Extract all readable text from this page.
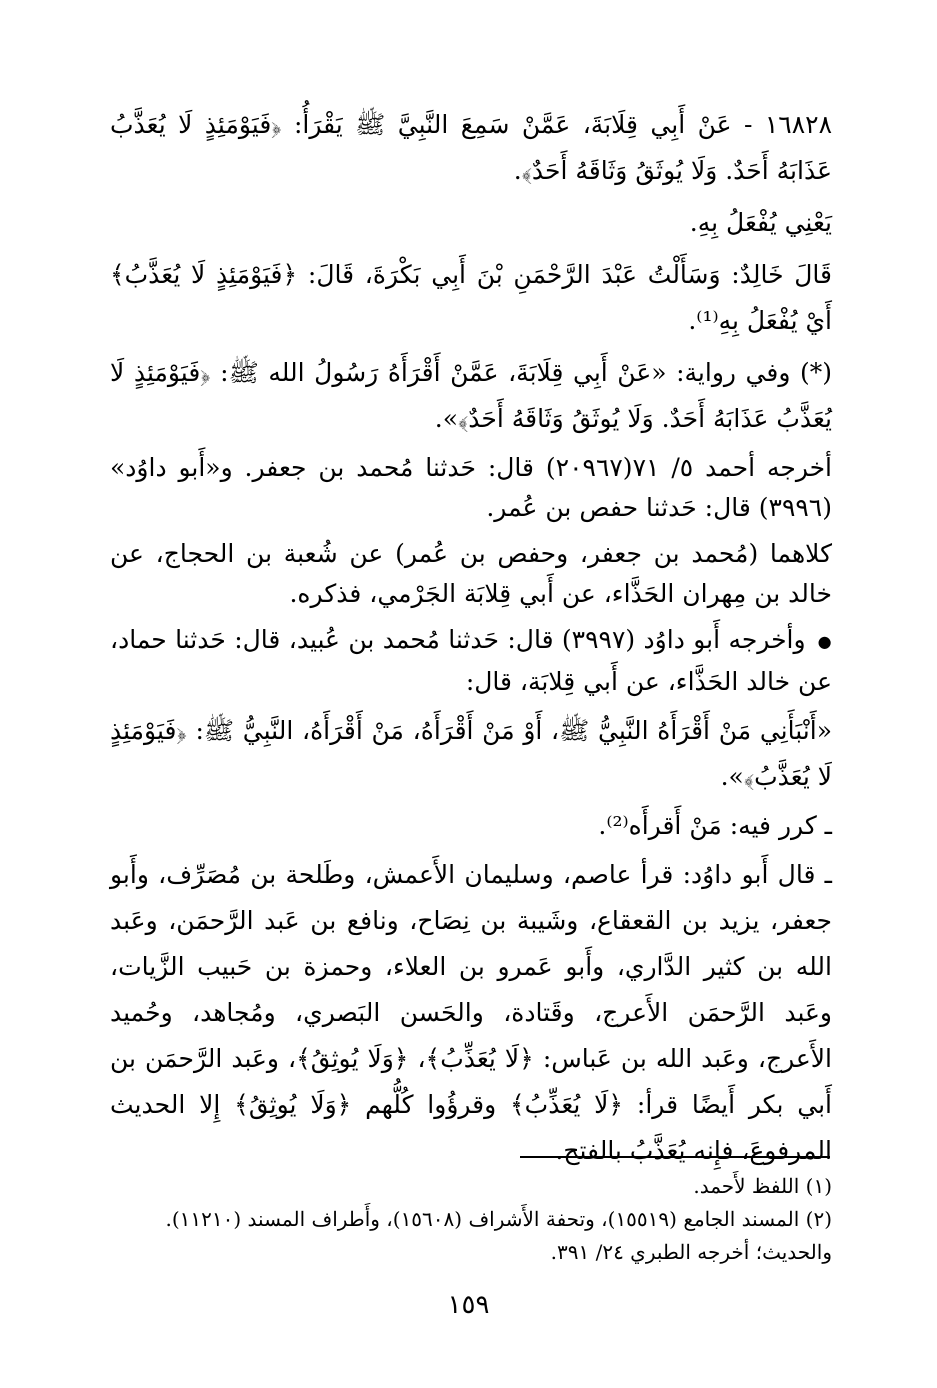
١٦٨٢٨ - عَنْ أَبِي قِلَابَةَ، عَمَّنْ سَمِعَ النَّبِيَّ ﷺ يَقْرَأُ: ﴿فَيَوْمَئِذٍ لَا يُعَذَّبُ عَذَابَهُ أَحَدٌ. وَلَا يُوثَقُ وَثَاقَهُ أَحَدٌ﴾.

يَعْنِي يُفْعَلُ بِهِ.

قَالَ خَالِدٌ: وَسَأَلْتُ عَبْدَ الرَّحْمَنِ بْنَ أَبِي بَكْرَةَ، قَالَ: ﴿فَيَوْمَئِذٍ لَا يُعَذَّبُ﴾ أَيْ يُفْعَلُ بِهِ⁽¹⁾.

(*) وفي رواية: «عَنْ أَبِي قِلَابَةَ، عَمَّنْ أَقْرَأَهُ رَسُولُ الله ﷺ: ﴿فَيَوْمَئِذٍ لَا يُعَذَّبُ عَذَابَهُ أَحَدٌ. وَلَا يُوثَقُ وَثَاقَهُ أَحَدٌ﴾».

أخرجه أحمد ٥/ ٧١(٢٠٩٦٧) قال: حَدثنا مُحمد بن جعفر. و«أَبو داوُد» (٣٩٩٦) قال: حَدثنا حفص بن عُمر.

كلاهما (مُحمد بن جعفر، وحفص بن عُمر) عن شُعبة بن الحجاج، عن خالد بن مِهران الحَذَّاء، عن أَبي قِلابَة الجَرْمي، فذكره.

● وأخرجه أَبو داوُد (٣٩٩٧) قال: حَدثنا مُحمد بن عُبيد، قال: حَدثنا حماد، عن خالد الحَذَّاء، عن أَبي قِلابَة، قال:

«أَنْبَأَنِي مَنْ أَقْرَأَهُ النَّبِيُّ ﷺ، أَوْ مَنْ أَقْرَأَهُ، مَنْ أَقْرَأَهُ، النَّبِيُّ ﷺ: ﴿فَيَوْمَئِذٍ لَا يُعَذَّبُ﴾».

ـ كرر فيه: مَنْ أَقرأَه⁽²⁾.

ـ قال أَبو داوُد: قرأ عاصم، وسليمان الأَعمش، وطَلحة بن مُصَرِّف، وأَبو جعفر، يزيد بن القعقاع، وشَيبة بن نِصَاح، ونافع بن عَبد الرَّحمَن، وعَبد الله بن كثير الدَّاري، وأَبو عَمرو بن العلاء، وحمزة بن حَبيب الزَّيات، وعَبد الرَّحمَن الأَعرج، وقَتادة، والحَسن البَصري، ومُجاهد، وحُميد الأَعرج، وعَبد الله بن عَباس: ﴿لَا يُعَذِّبُ﴾، ﴿وَلَا يُوثِقُ﴾، وعَبد الرَّحمَن بن أَبي بكر أَيضًا قرأ: ﴿لَا يُعَذِّبُ﴾ وقرؤُوا كُلُّهم ﴿وَلَا يُوثِقُ﴾ إِلا الحديث المرفوعَ، فإِنه يُعَذَّبُ بالفتح.

(١) اللفظ لأَحمد.

(٢) المسند الجامع (١٥٥١٩)، وتحفة الأَشراف (١٥٦٠٨)، وأَطراف المسند (١١٢١٠).

والحديث؛ أخرجه الطبري ٢٤/ ٣٩١.

١٥٩
